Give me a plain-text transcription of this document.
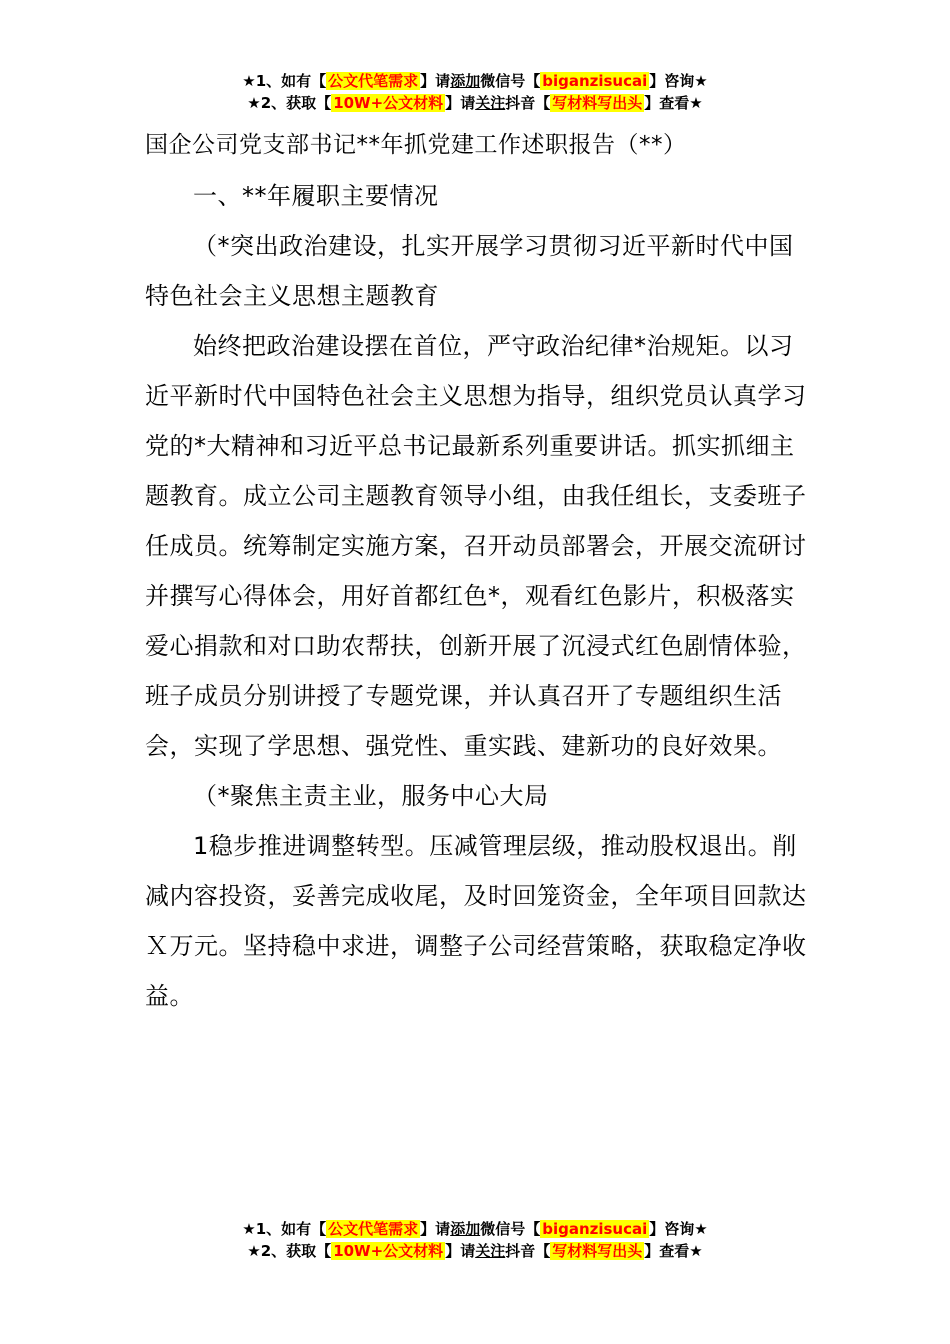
★1、如有【 公文代笔需求 】请添加微信号【 biganzisucai 】咨询★
★2、获取【 10W+公文材料 】请关注抖音【 写材料写出头 】查看★

国企公司党支部书记**年抓党建工作述职报告（**）

一、**年履职主要情况

（*突出政治建设，扎实开展学习贯彻习近平新时代中国特色社会主义思想主题教育

始终把政治建设摆在首位，严守政治纪律*治规矩。以习近平新时代中国特色社会主义思想为指导，组织党员认真学习党的*大精神和习近平总书记最新系列重要讲话。抓实抓细主题教育。成立公司主题教育领导小组，由我任组长，支委班子任成员。统筹制定实施方案，召开动员部署会，开展交流研讨并撰写心得体会，用好首都红色*，观看红色影片，积极落实爱心捐款和对口助农帮扶，创新开展了沉浸式红色剧情体验，班子成员分别讲授了专题党课，并认真召开了专题组织生活会，实现了学思想、强党性、重实践、建新功的良好效果。

（*聚焦主责主业，服务中心大局

1稳步推进调整转型。压减管理层级，推动股权退出。削减内容投资，妥善完成收尾，及时回笼资金，全年项目回款达Ｘ万元。坚持稳中求进，调整子公司经营策略，获取稳定净收益。

★1、如有【 公文代笔需求 】请添加微信号【 biganzisucai 】咨询★
★2、获取【 10W+公文材料 】请关注抖音【 写材料写出头 】查看★
